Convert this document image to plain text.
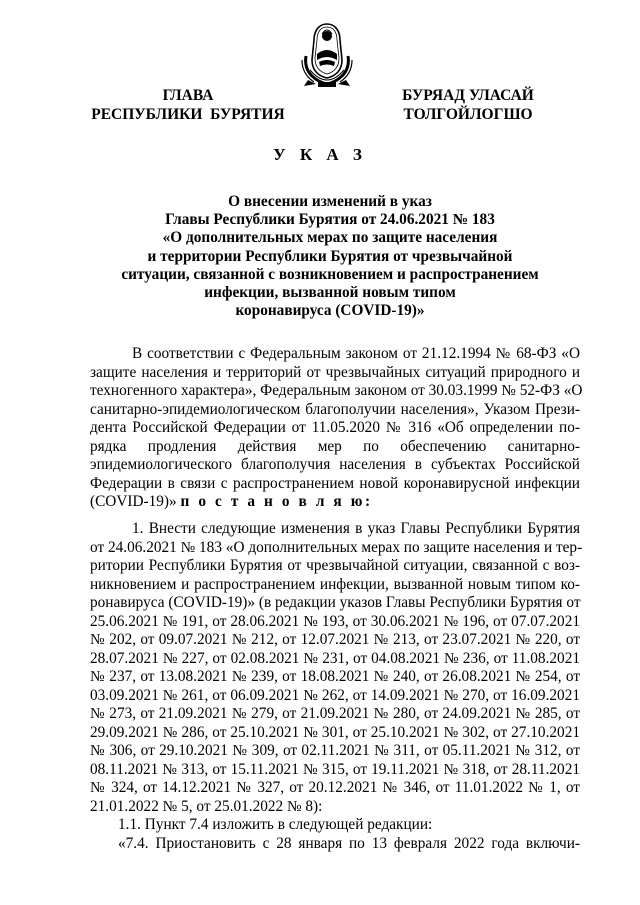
ГЛАВА
РЕСПУБЛИКИ  БУРЯТИЯ
БУРЯАД УЛАСАЙ
ТОЛГОЙЛОГШО
У К А З
О внесении изменений в указ
Главы Республики Бурятия от 24.06.2021 № 183
«О дополнительных мерах по защите населения
и территории Республики Бурятия от чрезвычайной
ситуации, связанной с возникновением и распространением
инфекции, вызванной новым типом
коронавируса (COVID-19)»
В соответствии с Федеральным законом от 21.12.1994 № 68-ФЗ «О
защите населения и территорий от чрезвычайных ситуаций природного и
техногенного характера», Федеральным законом от 30.03.1999 № 52-ФЗ «О
санитарно-эпидемиологическом благополучии населения», Указом Прези-
дента Российской Федерации от 11.05.2020 № 316 «Об определении по-
рядка продления действия мер по обеспечению санитарно-
эпидемиологического благополучия населения в субъектах Российской
Федерации в связи с распространением новой коронавирусной инфекции
(COVID-19)» п о с т а н о в л я ю:
1. Внести следующие изменения в указ Главы Республики Бурятия
от 24.06.2021 № 183 «О дополнительных мерах по защите населения и тер-
ритории Республики Бурятия от чрезвычайной ситуации, связанной с воз-
никновением и распространением инфекции, вызванной новым типом ко-
ронавируса (COVID-19)» (в редакции указов Главы Республики Бурятия от
25.06.2021 № 191, от 28.06.2021 № 193, от 30.06.2021 № 196, от 07.07.2021
№ 202, от 09.07.2021 № 212, от 12.07.2021 № 213, от 23.07.2021 № 220, от
28.07.2021 № 227, от 02.08.2021 № 231, от 04.08.2021 № 236, от 11.08.2021
№ 237, от 13.08.2021 № 239, от 18.08.2021 № 240, от 26.08.2021 № 254, от
03.09.2021 № 261, от 06.09.2021 № 262, от 14.09.2021 № 270, от 16.09.2021
№ 273, от 21.09.2021 № 279, от 21.09.2021 № 280, от 24.09.2021 № 285, от
29.09.2021 № 286, от 25.10.2021 № 301, от 25.10.2021 № 302, от 27.10.2021
№ 306, от 29.10.2021 № 309, от 02.11.2021 № 311, от 05.11.2021 № 312, от
08.11.2021 № 313, от 15.11.2021 № 315, от 19.11.2021 № 318, от 28.11.2021
№ 324, от 14.12.2021 № 327, от 20.12.2021 № 346, от 11.01.2022 № 1, от
21.01.2022 № 5, от 25.01.2022 № 8):
1.1. Пункт 7.4 изложить в следующей редакции:
«7.4. Приостановить с 28 января по 13 февраля 2022 года включи-
